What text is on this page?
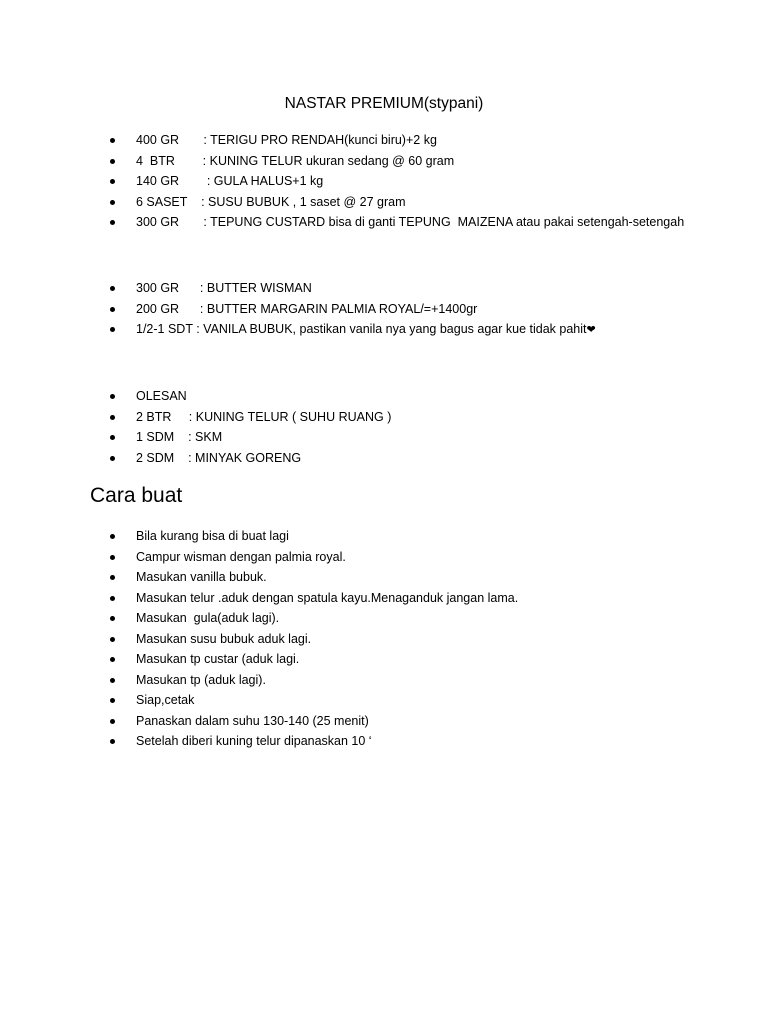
NASTAR PREMIUM(stypani)
400 GR       : TERIGU PRO RENDAH(kunci biru)+2 kg
4  BTR        : KUNING TELUR ukuran sedang @ 60 gram
140 GR        : GULA HALUS+1 kg
6 SASET    : SUSU BUBUK , 1 saset @ 27 gram
300 GR       : TEPUNG CUSTARD bisa di ganti TEPUNG  MAIZENA atau pakai setengah-setengah
300 GR      : BUTTER WISMAN
200 GR      : BUTTER MARGARIN PALMIA ROYAL/=+1400gr
1/2-1 SDT : VANILA BUBUK, pastikan vanila nya yang bagus agar kue tidak pahit❤
OLESAN
2 BTR     : KUNING TELUR ( SUHU RUANG )
1 SDM    : SKM
2 SDM    : MINYAK GORENG
Cara buat
Bila kurang bisa di buat lagi
Campur wisman dengan palmia royal.
Masukan vanilla bubuk.
Masukan telur .aduk dengan spatula kayu.Menaganduk jangan lama.
Masukan  gula(aduk lagi).
Masukan susu bubuk aduk lagi.
Masukan tp custar (aduk lagi.
Masukan tp (aduk lagi).
Siap,cetak
Panaskan dalam suhu 130-140 (25 menit)
Setelah diberi kuning telur dipanaskan 10 ‘
